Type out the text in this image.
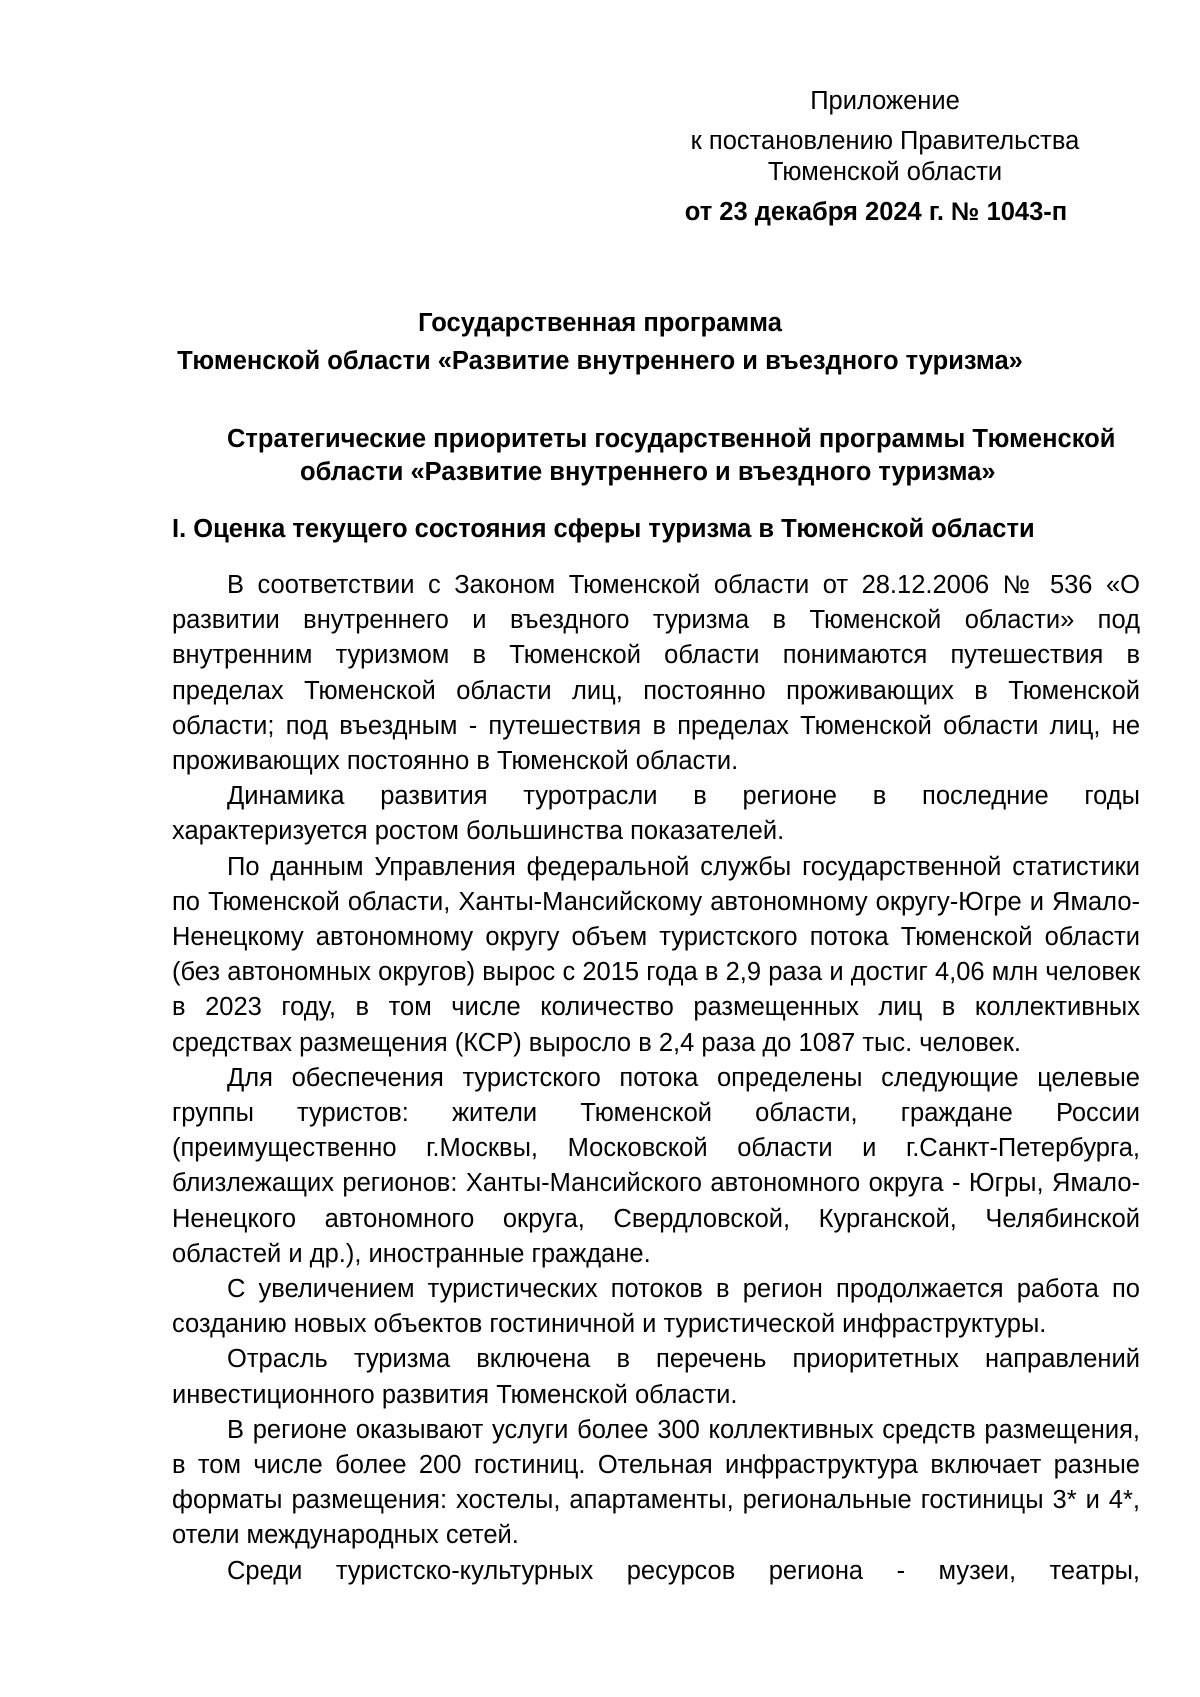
Приложение
к постановлению Правительства
Тюменской области
от 23 декабря 2024 г. № 1043-п
Государственная программа
Тюменской области «Развитие внутреннего и въездного туризма»
Стратегические приоритеты государственной программы Тюменской
области «Развитие внутреннего и въездного туризма»
I. Оценка текущего состояния сферы туризма в Тюменской области

В соответствии с Законом Тюменской области от 28.12.2006 № 536 «О развитии внутреннего и въездного туризма в Тюменской области» под внутренним туризмом в Тюменской области понимаются путешествия в пределах Тюменской области лиц, постоянно проживающих в Тюменской области; под въездным - путешествия в пределах Тюменской области лиц, не проживающих постоянно в Тюменской области.

Динамика развития туротрасли в регионе в последние годы характеризуется ростом большинства показателей.

По данным Управления федеральной службы государственной статистики по Тюменской области, Ханты-Мансийскому автономному округу-Югре и Ямало-Ненецкому автономному округу объем туристского потока Тюменской области (без автономных округов) вырос с 2015 года в 2,9 раза и достиг 4,06 млн человек в 2023 году, в том числе количество размещенных лиц в коллективных средствах размещения (КСР) выросло в 2,4 раза до 1087 тыс. человек.

Для обеспечения туристского потока определены следующие целевые группы туристов: жители Тюменской области, граждане России (преимущественно г.Москвы, Московской области и г.Санкт-Петербурга, близлежащих регионов: Ханты-Мансийского автономного округа - Югры, Ямало-Ненецкого автономного округа, Свердловской, Курганской, Челябинской областей и др.), иностранные граждане.

С увеличением туристических потоков в регион продолжается работа по созданию новых объектов гостиничной и туристической инфраструктуры.

Отрасль туризма включена в перечень приоритетных направлений инвестиционного развития Тюменской области.

В регионе оказывают услуги более 300 коллективных средств размещения, в том числе более 200 гостиниц. Отельная инфраструктура включает разные форматы размещения: хостелы, апартаменты, региональные гостиницы 3* и 4*, отели международных сетей.

Среди туристско-культурных ресурсов региона - музеи, театры,
